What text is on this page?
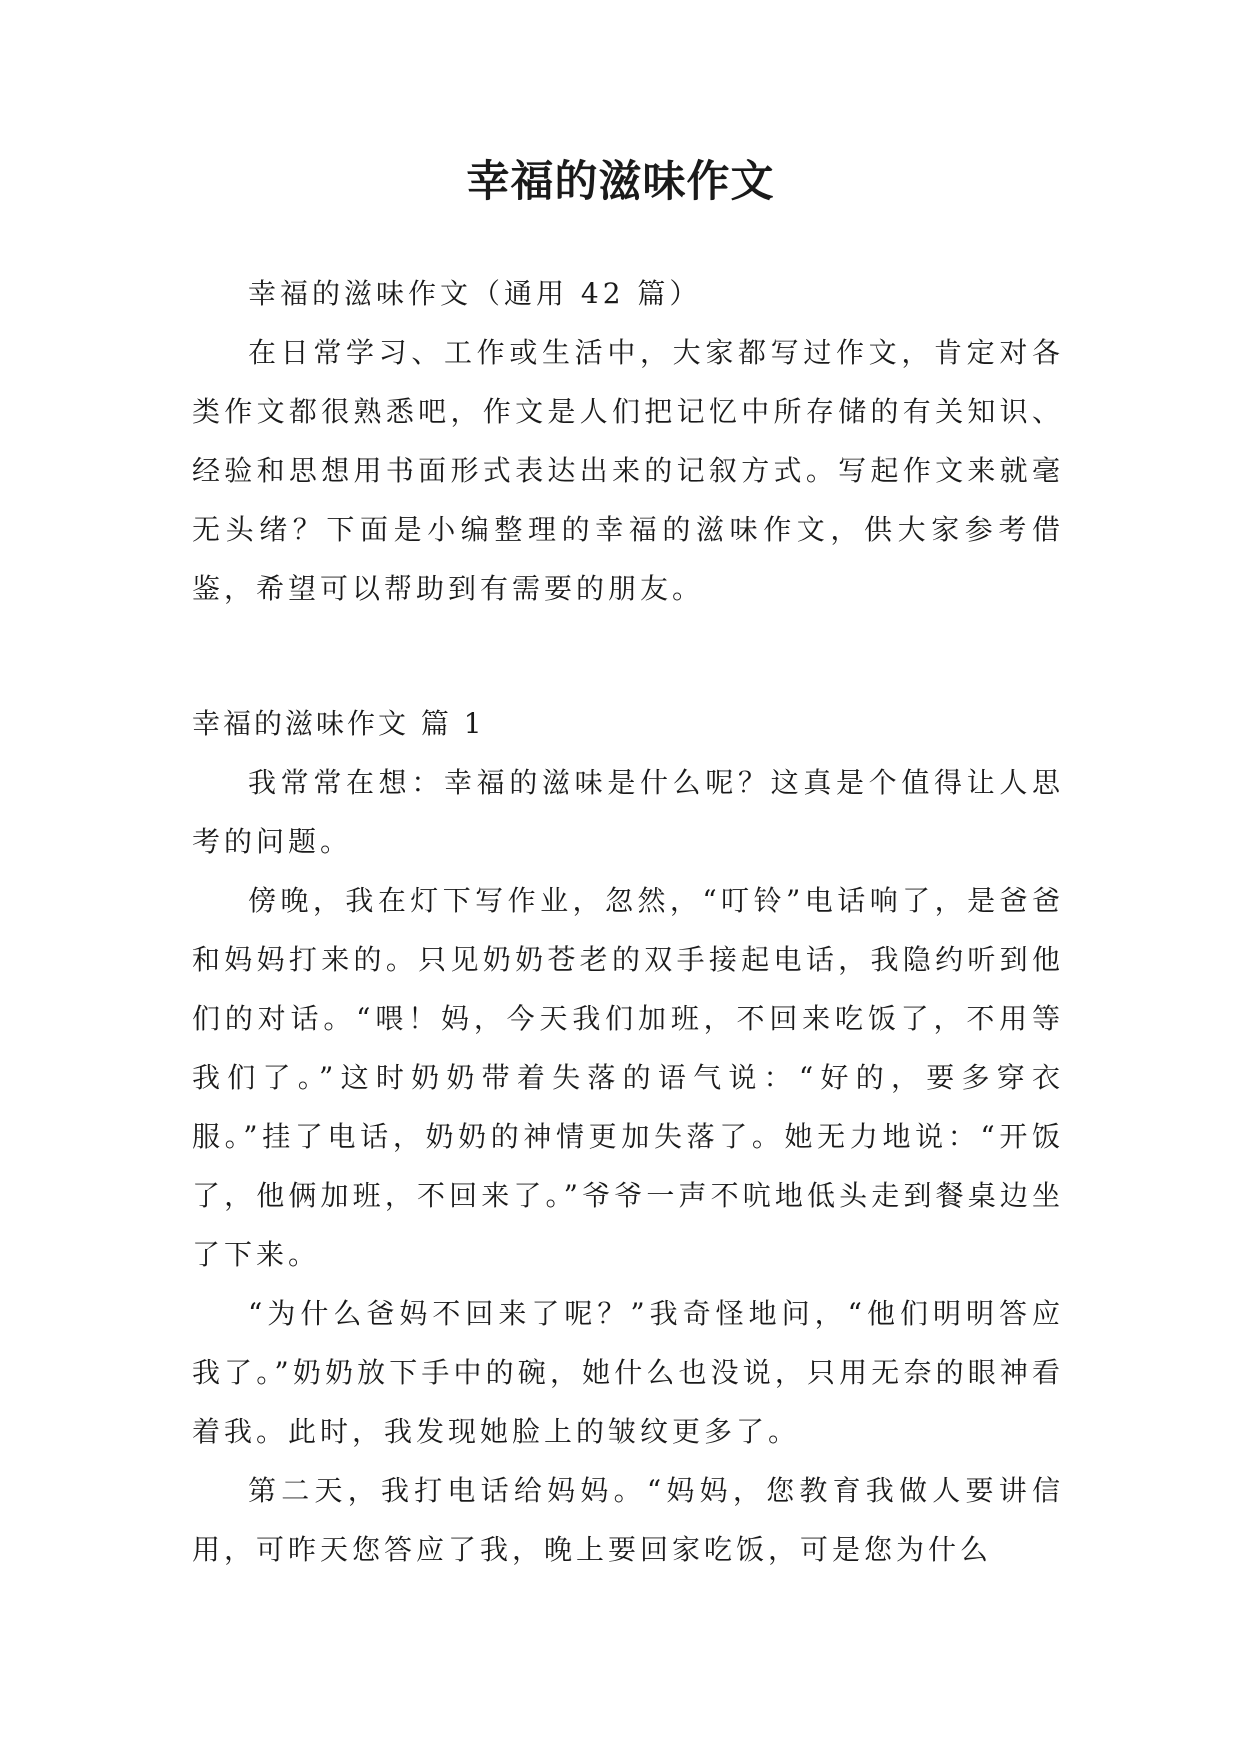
幸福的滋味作文

幸福的滋味作文（通用 42 篇）

在日常学习、工作或生活中，大家都写过作文，肯定对各类作文都很熟悉吧，作文是人们把记忆中所存储的有关知识、经验和思想用书面形式表达出来的记叙方式。写起作文来就毫无头绪？下面是小编整理的幸福的滋味作文，供大家参考借鉴，希望可以帮助到有需要的朋友。

幸福的滋味作文 篇 1

我常常在想：幸福的滋味是什么呢？这真是个值得让人思考的问题。

傍晚，我在灯下写作业，忽然，“叮铃”电话响了，是爸爸和妈妈打来的。只见奶奶苍老的双手接起电话，我隐约听到他们的对话。“喂！妈，今天我们加班，不回来吃饭了，不用等我们了。”这时奶奶带着失落的语气说：“好的，要多穿衣服。”挂了电话，奶奶的神情更加失落了。她无力地说：“开饭了，他俩加班，不回来了。”爷爷一声不吭地低头走到餐桌边坐了下来。

“为什么爸妈不回来了呢？”我奇怪地问，“他们明明答应我了。”奶奶放下手中的碗，她什么也没说，只用无奈的眼神看着我。此时，我发现她脸上的皱纹更多了。

第二天，我打电话给妈妈。“妈妈，您教育我做人要讲信用，可昨天您答应了我，晚上要回家吃饭，可是您为什么
